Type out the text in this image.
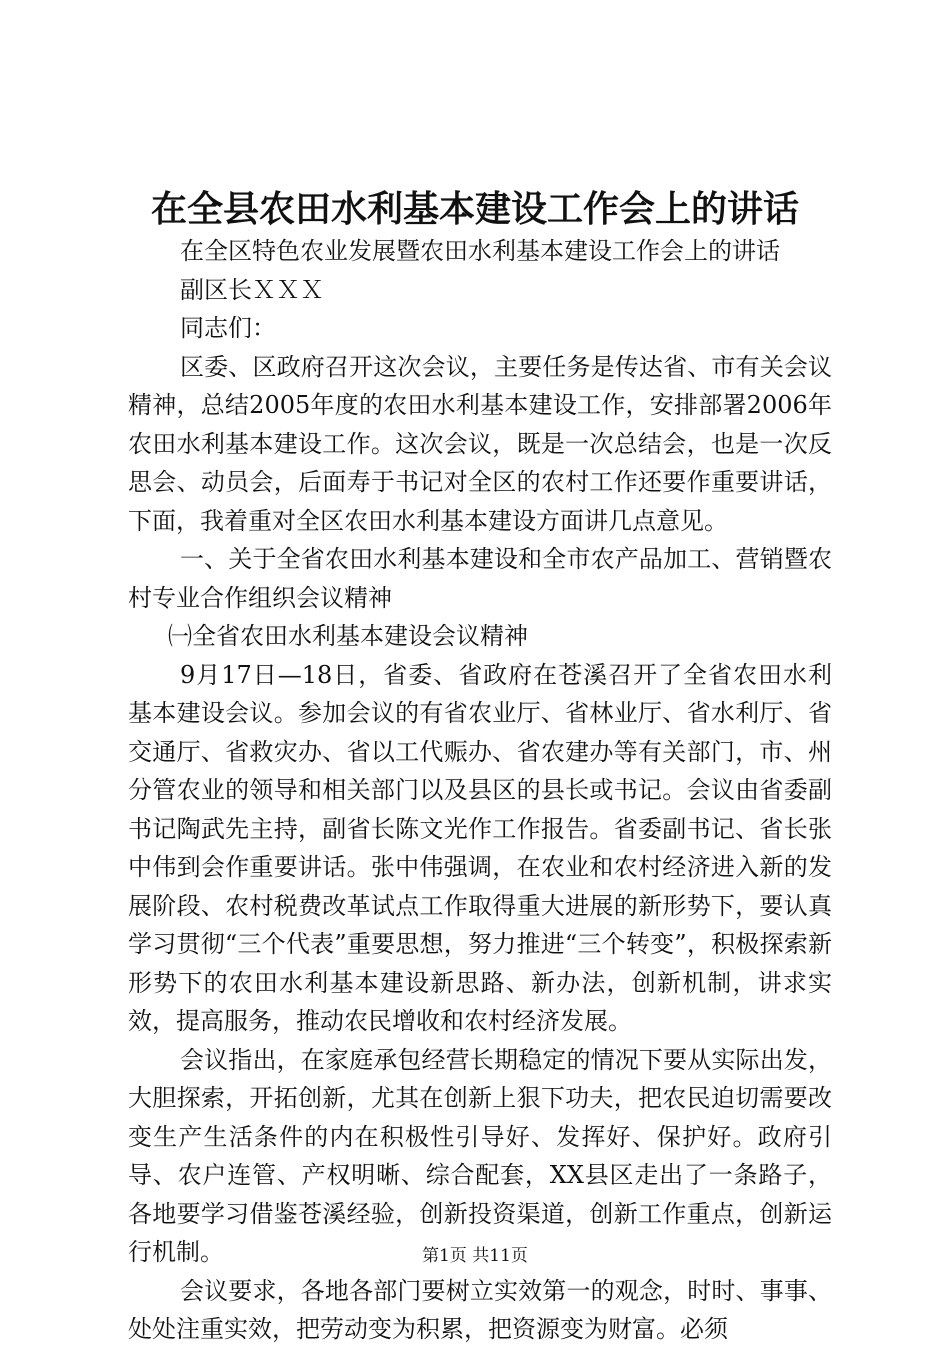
在全县农田水利基本建设工作会上的讲话

在全区特色农业发展暨农田水利基本建设工作会上的讲话

副区长ＸＸＸ

同志们：

区委、区政府召开这次会议，主要任务是传达省、市有关会议精神，总结2005年度的农田水利基本建设工作，安排部署2006年农田水利基本建设工作。这次会议，既是一次总结会，也是一次反思会、动员会，后面寿于书记对全区的农村工作还要作重要讲话，下面，我着重对全区农田水利基本建设方面讲几点意见。

一、关于全省农田水利基本建设和全市农产品加工、营销暨农村专业合作组织会议精神

㈠全省农田水利基本建设会议精神

9月17日—18日，省委、省政府在苍溪召开了全省农田水利基本建设会议。参加会议的有省农业厅、省林业厅、省水利厅、省交通厅、省救灾办、省以工代赈办、省农建办等有关部门，市、州分管农业的领导和相关部门以及县区的县长或书记。会议由省委副书记陶武先主持，副省长陈文光作工作报告。省委副书记、省长张中伟到会作重要讲话。张中伟强调，在农业和农村经济进入新的发展阶段、农村税费改革试点工作取得重大进展的新形势下，要认真学习贯彻“三个代表”重要思想，努力推进“三个转变”，积极探索新形势下的农田水利基本建设新思路、新办法，创新机制，讲求实效，提高服务，推动农民增收和农村经济发展。

会议指出，在家庭承包经营长期稳定的情况下要从实际出发，大胆探索，开拓创新，尤其在创新上狠下功夫，把农民迫切需要改变生产生活条件的内在积极性引导好、发挥好、保护好。政府引导、农户连管、产权明晰、综合配套，XX县区走出了一条路子，各地要学习借鉴苍溪经验，创新投资渠道，创新工作重点，创新运行机制。

会议要求，各地各部门要树立实效第一的观念，时时、事事、处处注重实效，把劳动变为积累，把资源变为财富。必须

第1页 共11页
